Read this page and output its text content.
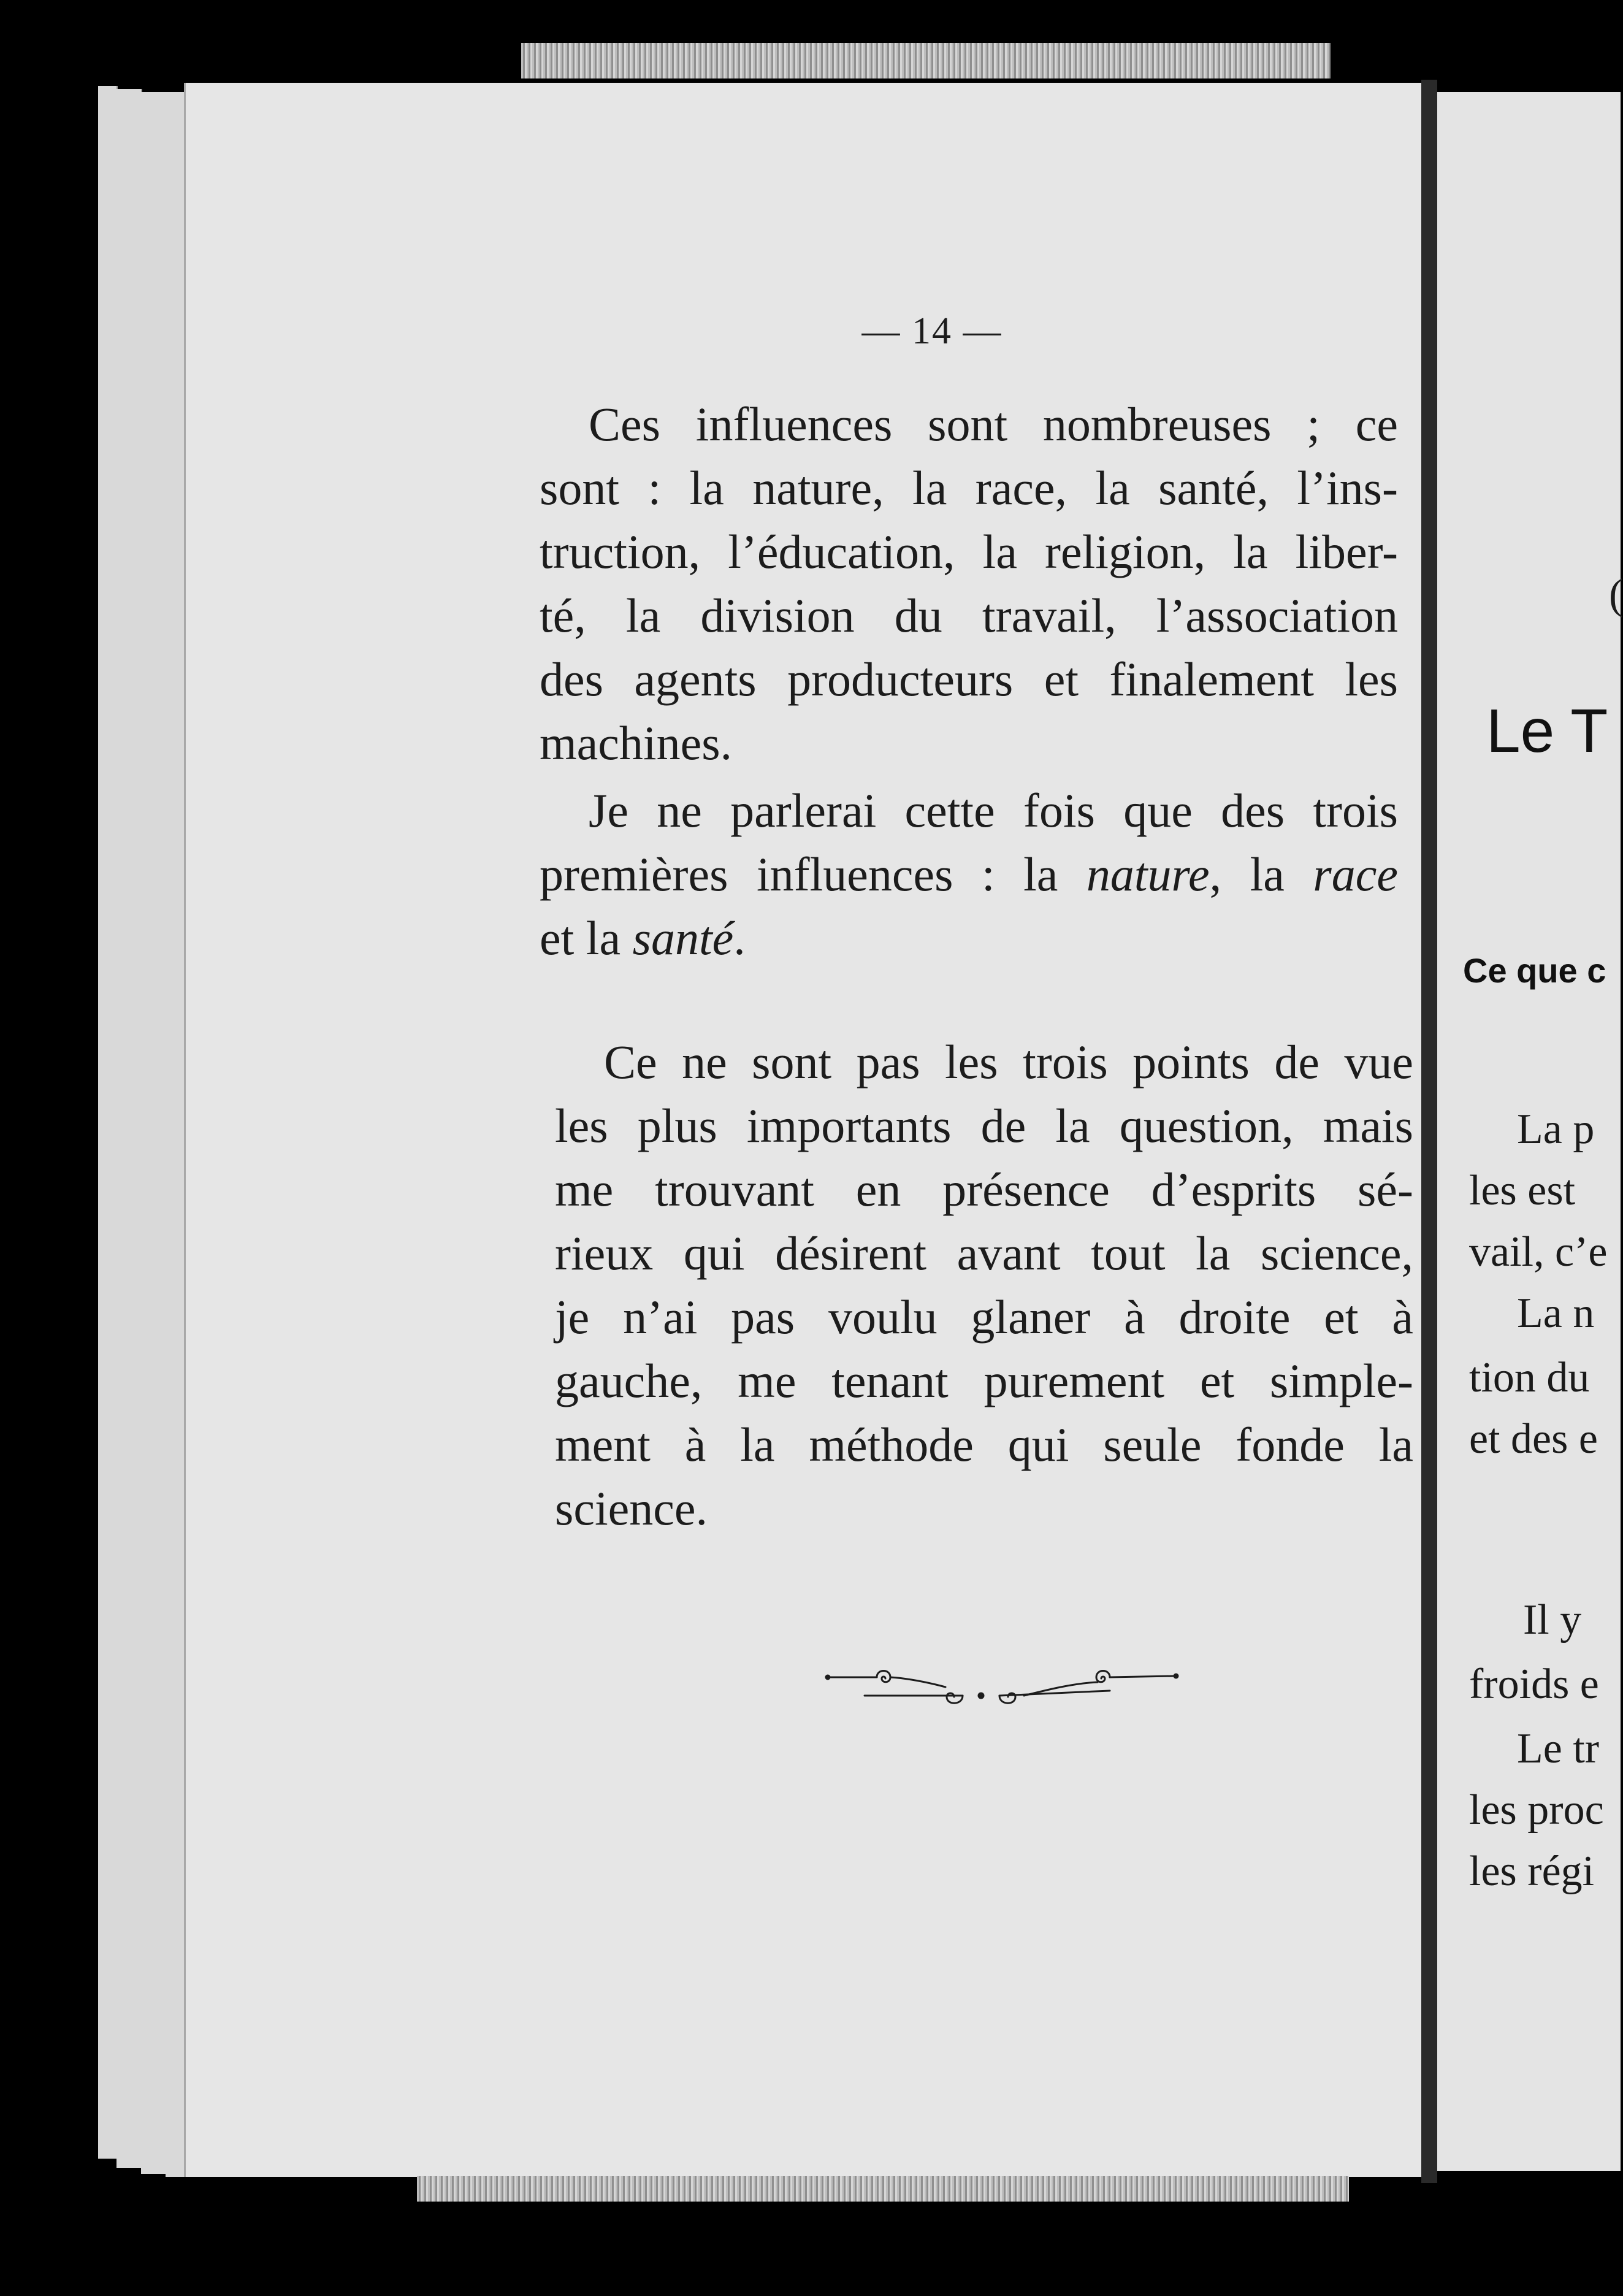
— 14 —
Ces influences sont nombreuses ; ce
sont : la nature, la race, la santé, l’ins-
truction, l’éducation, la religion, la liber-
té, la division du travail, l’association
des agents producteurs et finalement les
machines.
Je ne parlerai cette fois que des trois
premières influences : la nature, la race
et la santé.
Ce ne sont pas les trois points de vue
les plus importants de la question, mais
me trouvant en présence d’esprits sé-
rieux qui désirent avant tout la science,
je n’ai pas voulu glaner à droite et à
gauche, me tenant purement et simple-
ment à la méthode qui seule fonde la
science.
(
Le T
Ce que c
La p
les est
vail, c’e
La n
tion du
et des e
Il y
froids e
Le tr
les proc
les régi
